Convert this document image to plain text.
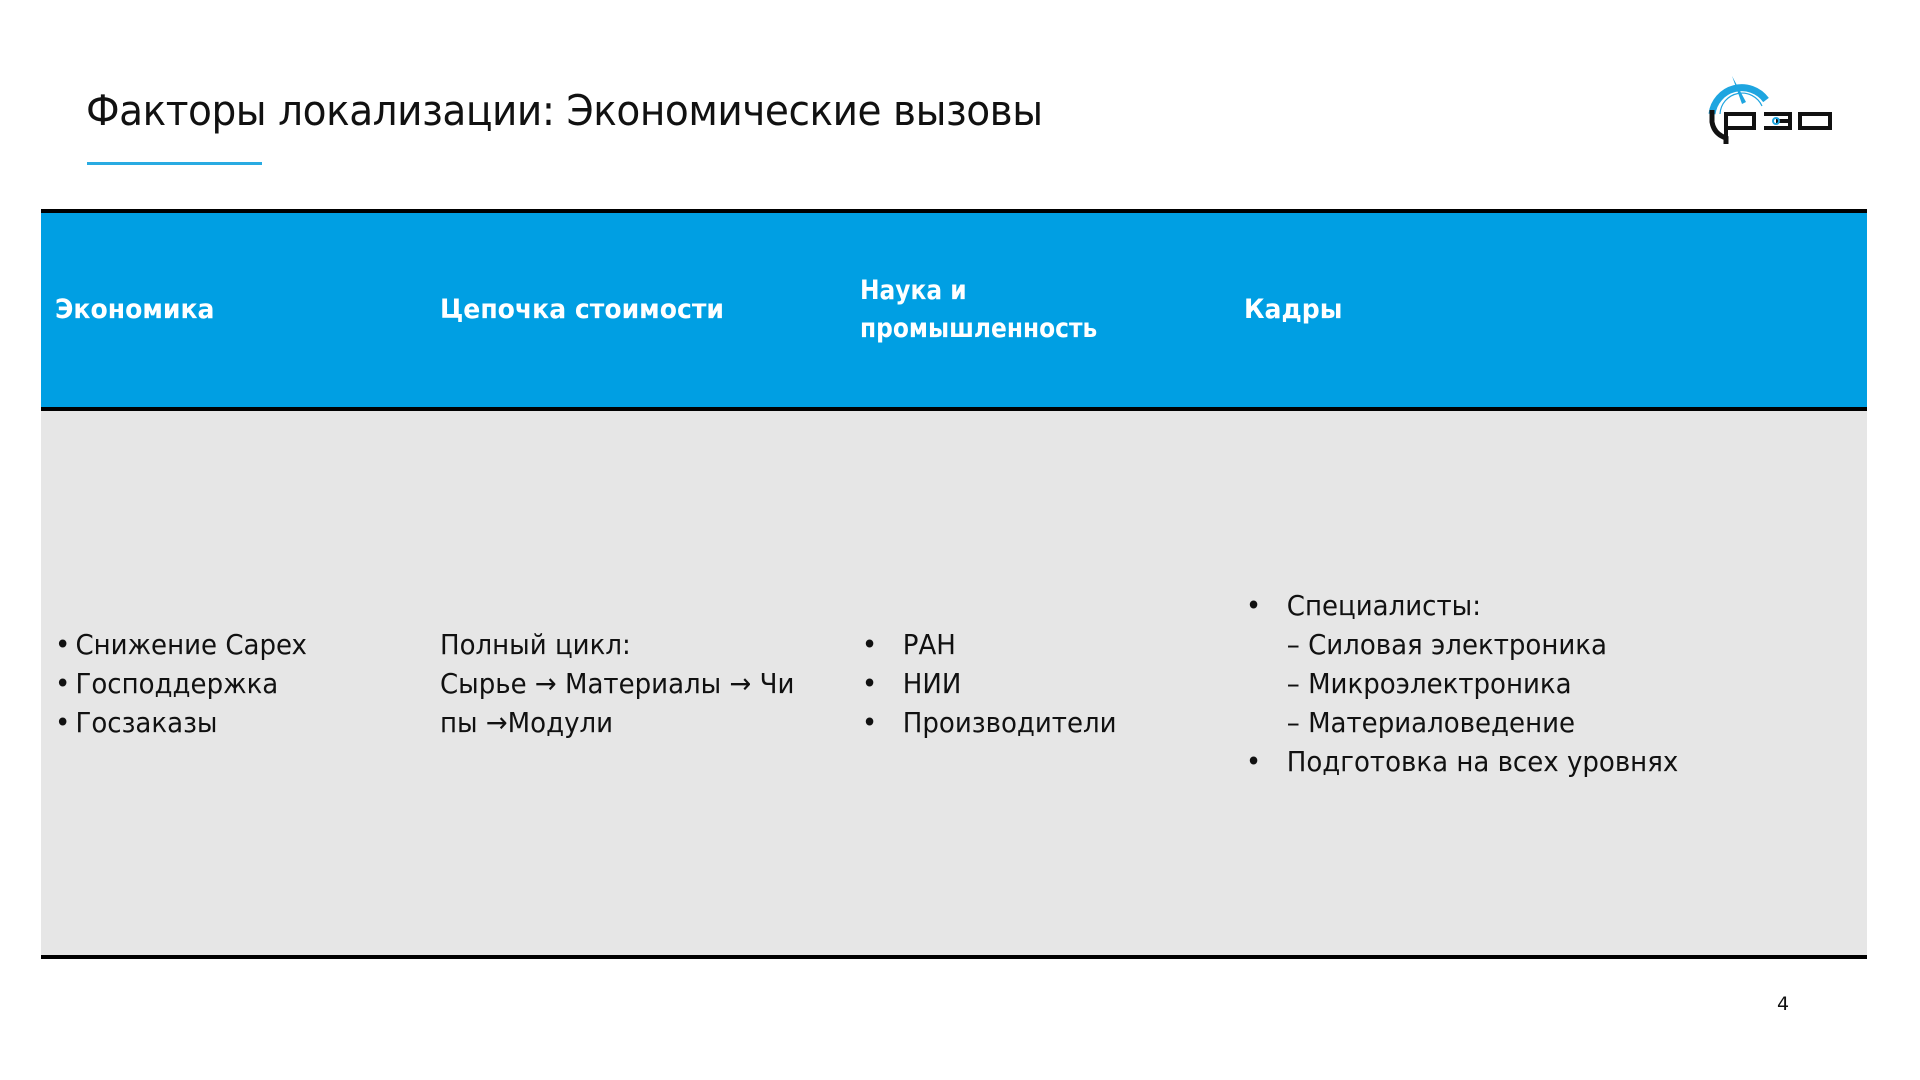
Факторы локализации: Экономические вызовы
Экономика	Цепочка стоимости
Наука и
промышленность
Кадры
• Снижение Capex
• Господдержка
• Госзаказы
Полный цикл:
Сырье → Материалы → Чи
пы →Модули
• РАН
• НИИ
• Производители
• Специалисты:
– Силовая электроника
– Микроэлектроника
– Материаловедение
• Подготовка на всех уровнях
4
